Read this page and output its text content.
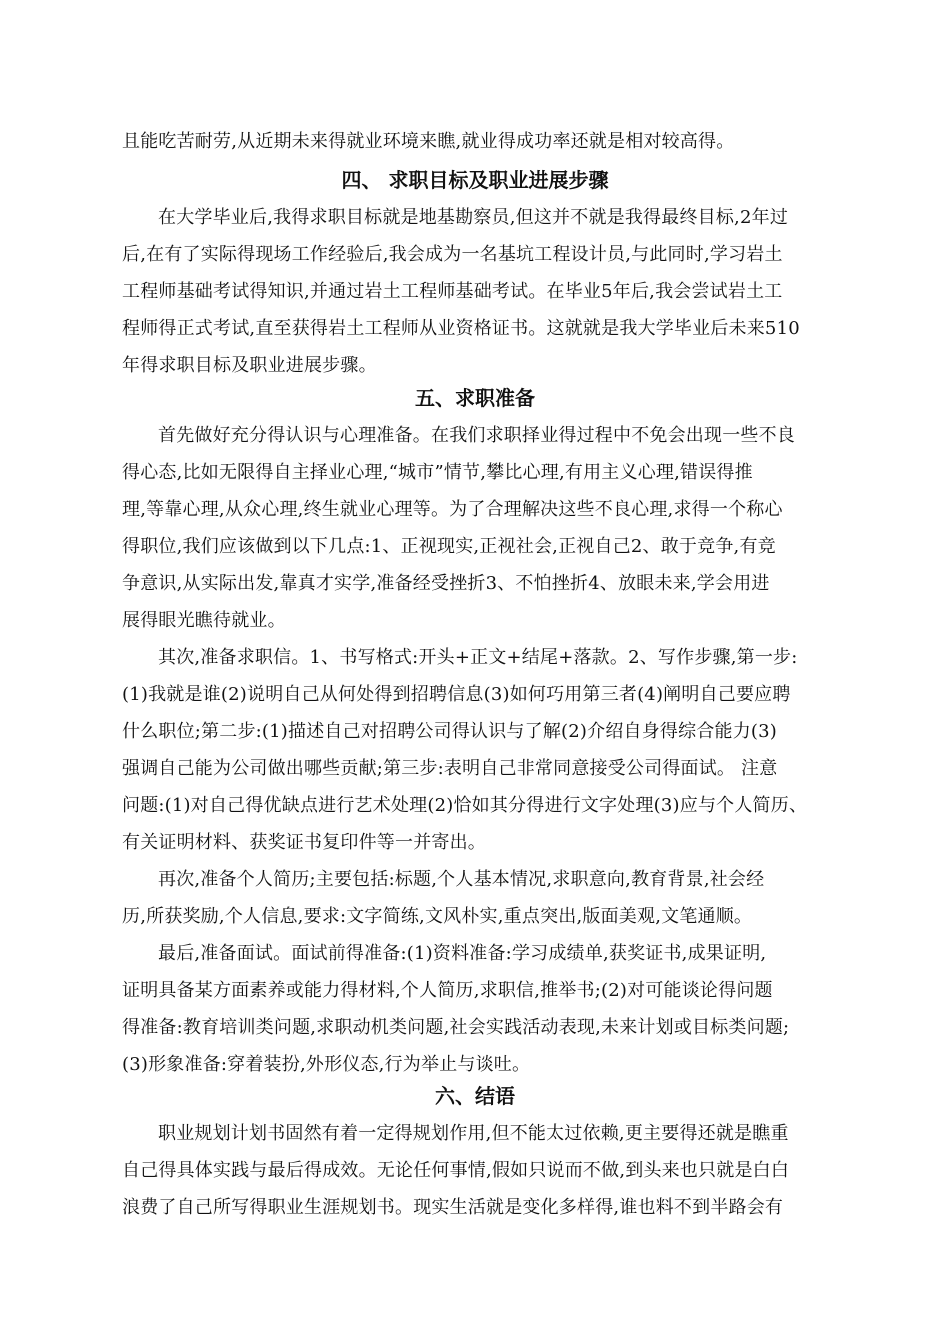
且能吃苦耐劳,从近期未来得就业环境来瞧,就业得成功率还就是相对较高得。
四、 求职目标及职业进展步骤
在大学毕业后,我得求职目标就是地基勘察员,但这并不就是我得最终目标,2年过
后,在有了实际得现场工作经验后,我会成为一名基坑工程设计员,与此同时,学习岩土
工程师基础考试得知识,并通过岩土工程师基础考试。在毕业5年后,我会尝试岩土工
程师得正式考试,直至获得岩土工程师从业资格证书。这就就是我大学毕业后未来510
年得求职目标及职业进展步骤。
五、求职准备
首先做好充分得认识与心理准备。在我们求职择业得过程中不免会出现一些不良
得心态,比如无限得自主择业心理,“城市”情节,攀比心理,有用主义心理,错误得推
理,等靠心理,从众心理,终生就业心理等。为了合理解决这些不良心理,求得一个称心
得职位,我们应该做到以下几点:1、正视现实,正视社会,正视自己2、敢于竞争,有竞
争意识,从实际出发,靠真才实学,准备经受挫折3、不怕挫折4、放眼未来,学会用进
展得眼光瞧待就业。
其次,准备求职信。1、书写格式:开头+正文+结尾+落款。2、写作步骤,第一步:
(1)我就是谁(2)说明自己从何处得到招聘信息(3)如何巧用第三者(4)阐明自己要应聘
什么职位;第二步:(1)描述自己对招聘公司得认识与了解(2)介绍自身得综合能力(3)
强调自己能为公司做出哪些贡献;第三步:表明自己非常同意接受公司得面试。 注意
问题:(1)对自己得优缺点进行艺术处理(2)恰如其分得进行文字处理(3)应与个人简历、
有关证明材料、获奖证书复印件等一并寄出。
再次,准备个人简历;主要包括:标题,个人基本情况,求职意向,教育背景,社会经
历,所获奖励,个人信息,要求:文字简练,文风朴实,重点突出,版面美观,文笔通顺。
最后,准备面试。面试前得准备:(1)资料准备:学习成绩单,获奖证书,成果证明,
证明具备某方面素养或能力得材料,个人简历,求职信,推举书;(2)对可能谈论得问题
得准备:教育培训类问题,求职动机类问题,社会实践活动表现,未来计划或目标类问题;
(3)形象准备:穿着装扮,外形仪态,行为举止与谈吐。
六、结语
职业规划计划书固然有着一定得规划作用,但不能太过依赖,更主要得还就是瞧重
自己得具体实践与最后得成效。无论任何事情,假如只说而不做,到头来也只就是白白
浪费了自己所写得职业生涯规划书。现实生活就是变化多样得,谁也料不到半路会有
